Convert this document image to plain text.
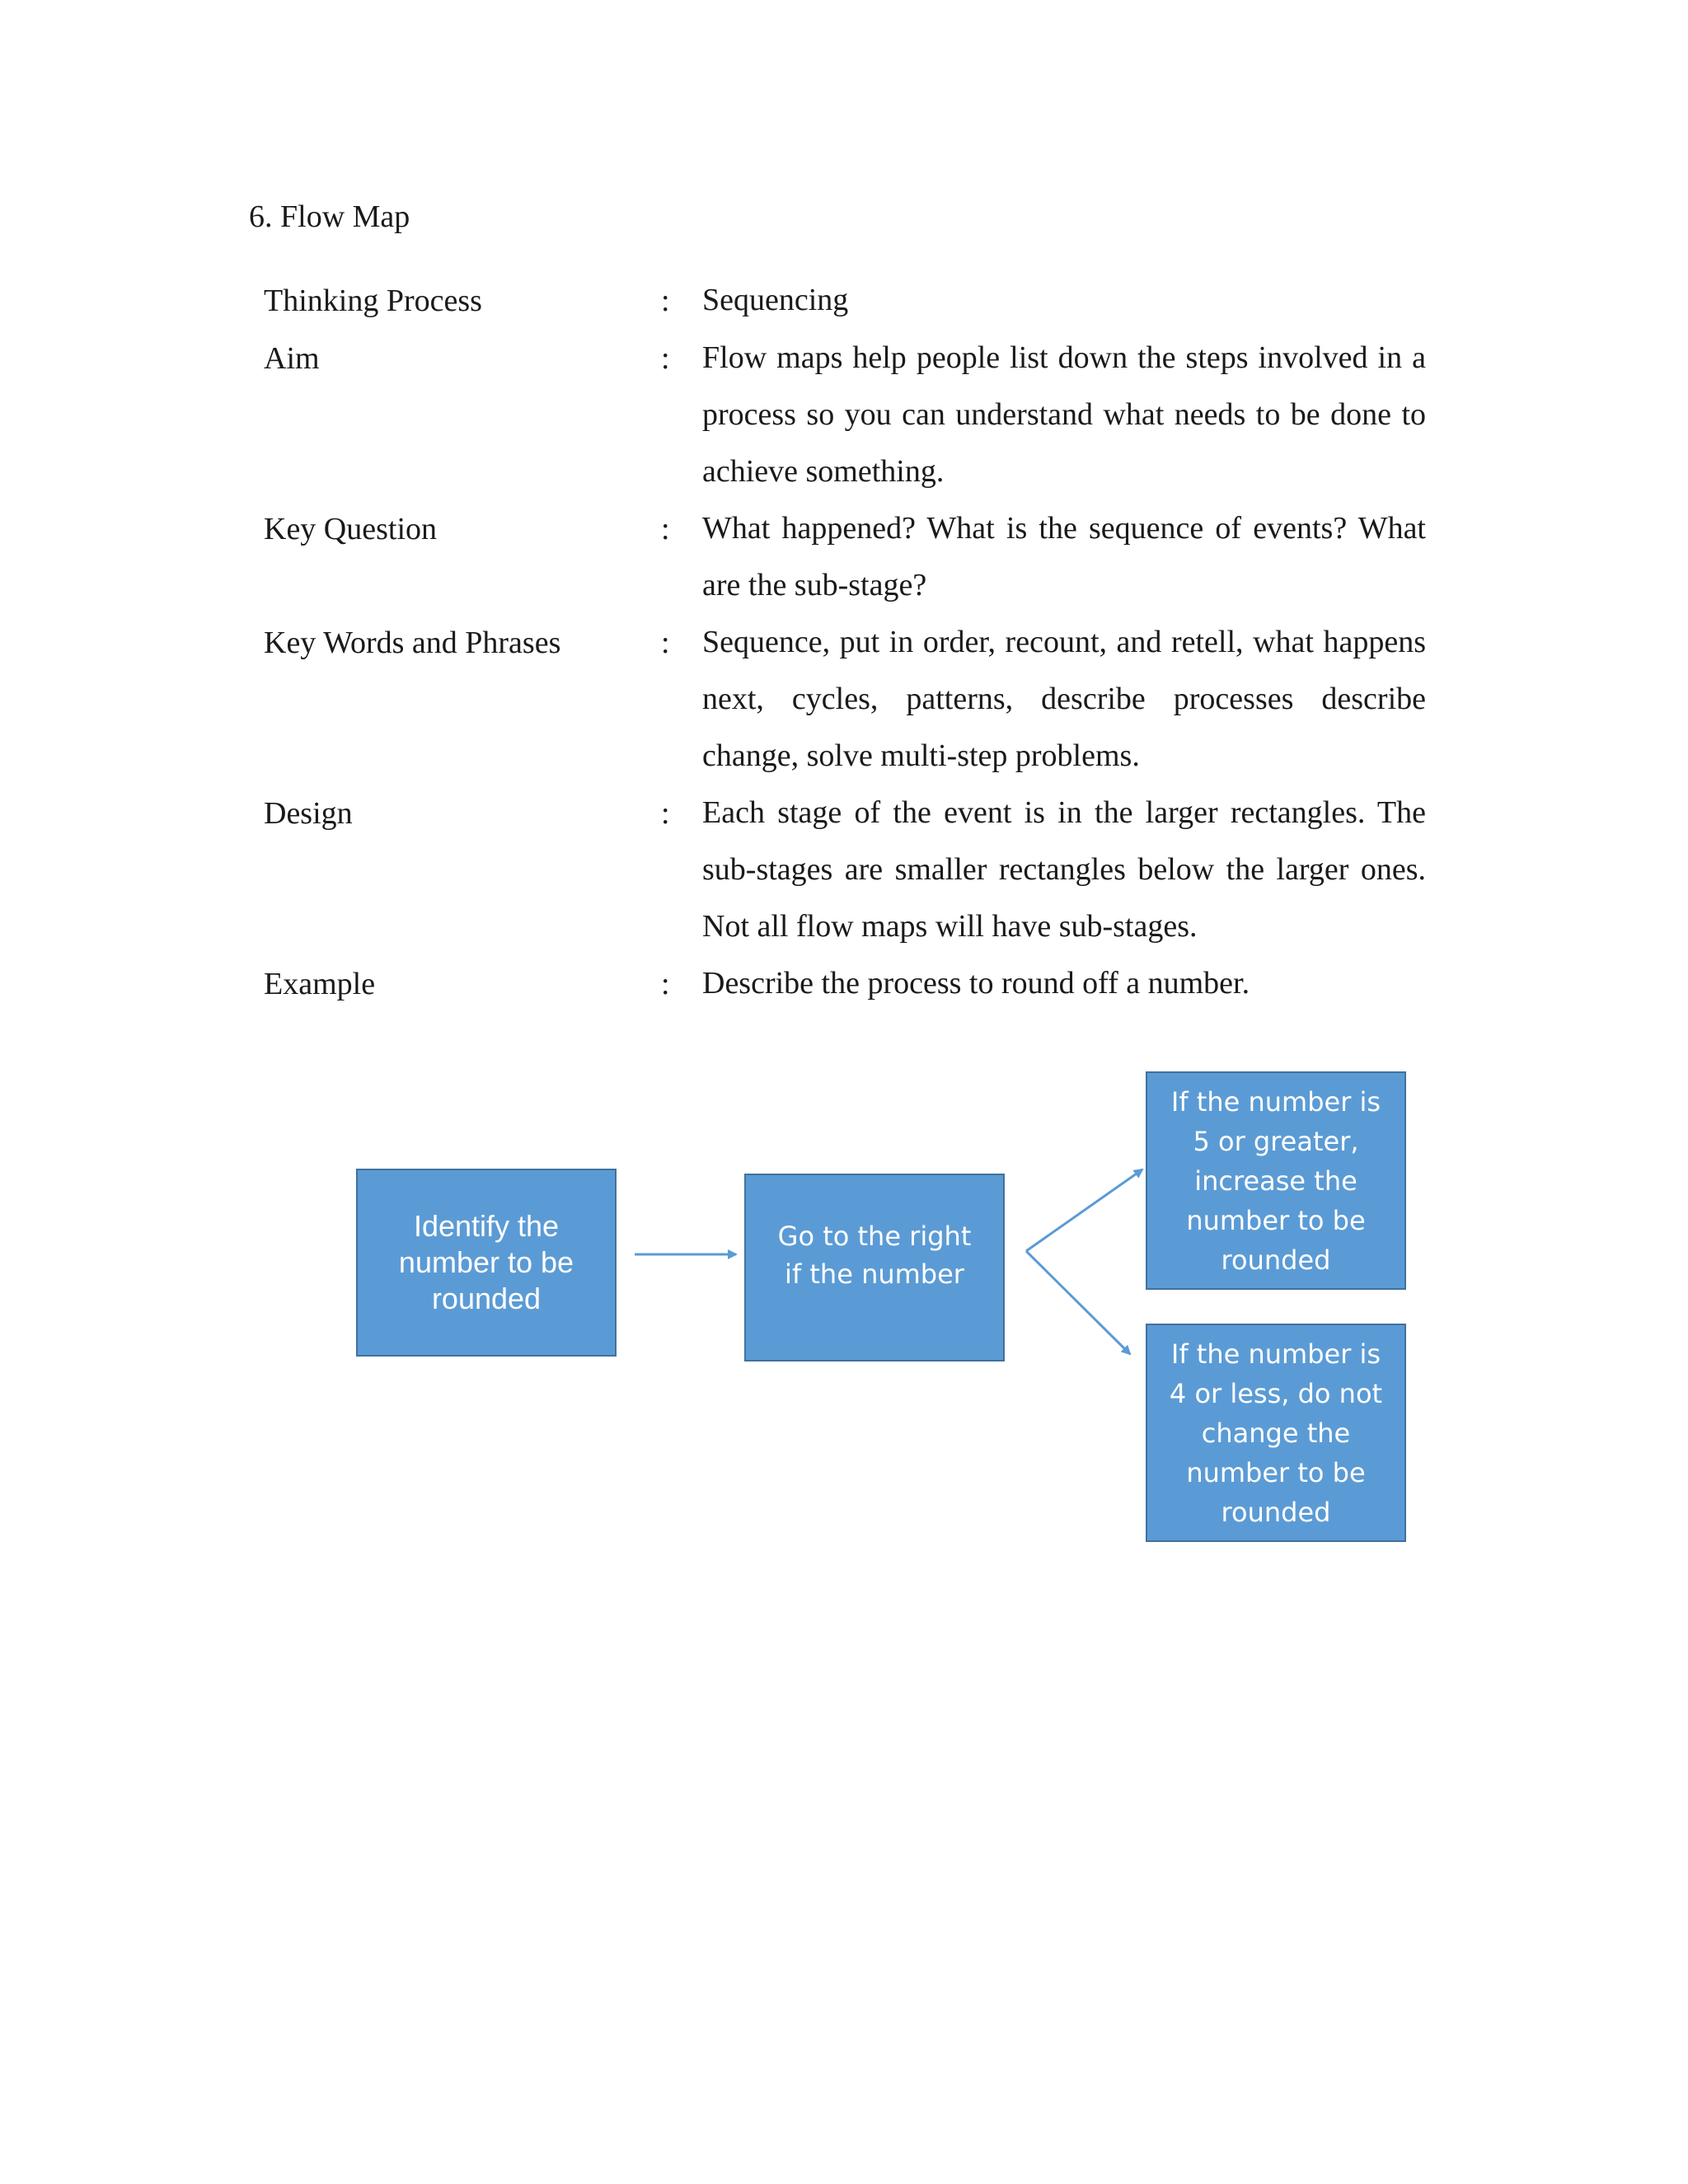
6. Flow Map
Thinking Process	:	Sequencing
Aim	:	Flow maps help people list down the steps involved in a process so you can understand what needs to be done to achieve something.
Key Question	:	What happened? What is the sequence of events? What are the sub-stage?
Key Words and Phrases	:	Sequence, put in order, recount, and retell, what happens next, cycles, patterns, describe processes describe change, solve multi-step problems.
Design	:	Each stage of the event is in the larger rectangles. The sub-stages are smaller rectangles below the larger ones. Not all flow maps will have sub-stages.
Example	:	Describe the process to round off a number.
Identify the number to be rounded
Go to the right if the number
If the number is 5 or greater, increase the number to be rounded
If the number is 4 or less, do not change the number to be rounded
